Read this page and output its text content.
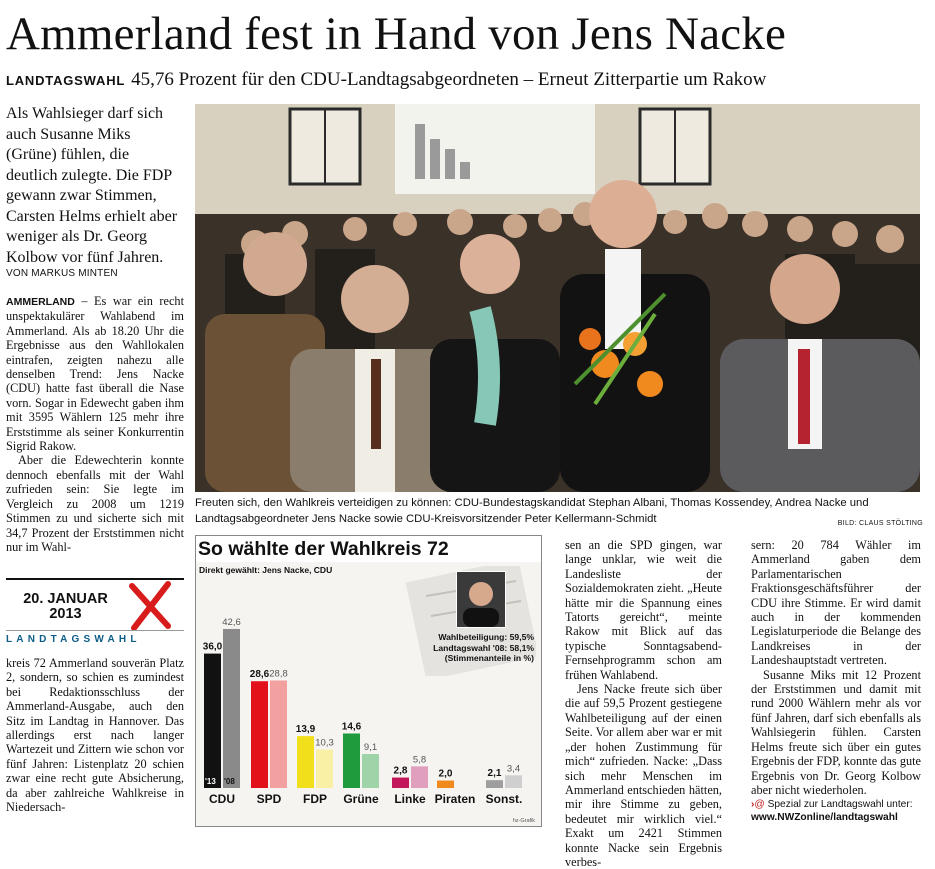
Ammerland fest in Hand von Jens Nacke
LANDTAGSWAHL 45,76 Prozent für den CDU-Landtagsabgeordneten – Erneut Zitterpartie um Rakow
Als Wahlsieger darf sich auch Susanne Miks (Grüne) fühlen, die deutlich zulegte. Die FDP gewann zwar Stimmen, Carsten Helms erhielt aber weniger als Dr. Georg Kolbow vor fünf Jahren.
VON MARKUS MINTEN

AMMERLAND – Es war ein recht unspektakulärer Wahlabend im Ammerland. Als ab 18.20 Uhr die Ergebnisse aus den Wahllokalen eintrafen, zeigten nahezu alle denselben Trend: Jens Nacke (CDU) hatte fast überall die Nase vorn. Sogar in Edewecht gaben ihm mit 3595 Wählern 125 mehr ihre Erststimme als seiner Konkurrentin Sigrid Rakow.

Aber die Edewechterin konnte dennoch ebenfalls mit der Wahl zufrieden sein: Sie legte im Vergleich zu 2008 um 1219 Stimmen zu und sicherte sich mit 34,7 Prozent der Erststimmen nicht nur im Wahl-

20. JANUAR
2013
LANDTAGSWAHL

kreis 72 Ammerland souverän Platz 2, sondern, so schien es zumindest bei Redaktionsschluss der Ammerland-Ausgabe, auch den Sitz im Landtag in Hannover. Das allerdings erst nach langer Wartezeit und Zittern wie schon vor fünf Jahren: Listenplatz 20 schien zwar eine recht gute Absicherung, da aber zahlreiche Wahlkreise in Niedersach-

Freuten sich, den Wahlkreis verteidigen zu können: CDU-Bundestagskandidat Stephan Albani, Thomas Kossendey, Andrea Nacke und Landtagsabgeordneter Jens Nacke sowie CDU-Kreisvorsitzender Peter Kellermann-Schmidt	BILD: CLAUS STÖLTING
So wählte der Wahlkreis 72
Direkt gewählt: Jens Nacke, CDU
Wahlbeteiligung: 59,5%
Landtagswahl '08: 58,1%
(Stimmenanteile in %)
36,0
42,6
CDU
28,6 28,8
SPD
13,9
10,3
FDP
14,6
9,1
Grüne
2,8
5,8
Linke
2,0
Piraten
2,1 3,4
Sonst.
'13 '08
hz-Grafik

sen an die SPD gingen, war lange unklar, wie weit die Landesliste der Sozialdemokraten zieht. „Heute hätte mir die Spannung eines Tatorts gereicht“, meinte Rakow mit Blick auf das typische Sonntagsabend-Fernsehprogramm schon am frühen Wahlabend.

Jens Nacke freute sich über die auf 59,5 Prozent gestiegene Wahlbeteiligung auf der einen Seite. Vor allem aber war er mit „der hohen Zustimmung für mich“ zufrieden. Nacke: „Dass sich mehr Menschen im Ammerland entschieden hätten, mir ihre Stimme zu geben, bedeutet mir wirklich viel.“ Exakt um 2421 Stimmen konnte Nacke sein Ergebnis verbes-

sern: 20 784 Wähler im Ammerland gaben dem Parlamentarischen Fraktionsgeschäftsführer der CDU ihre Stimme. Er wird damit auch in der kommenden Legislaturperiode die Belange des Landkreises in der Landeshauptstadt vertreten.

Susanne Miks mit 12 Prozent der Erststimmen und damit mit rund 2000 Wählern mehr als vor fünf Jahren, darf sich ebenfalls als Wahlsiegerin fühlen. Carsten Helms freute sich über ein gutes Ergebnis der FDP, konnte das gute Ergebnis von Dr. Georg Kolbow aber nicht wiederholen.

›@ Spezial zur Landtagswahl unter:
www.NWZonline/landtagswahl
